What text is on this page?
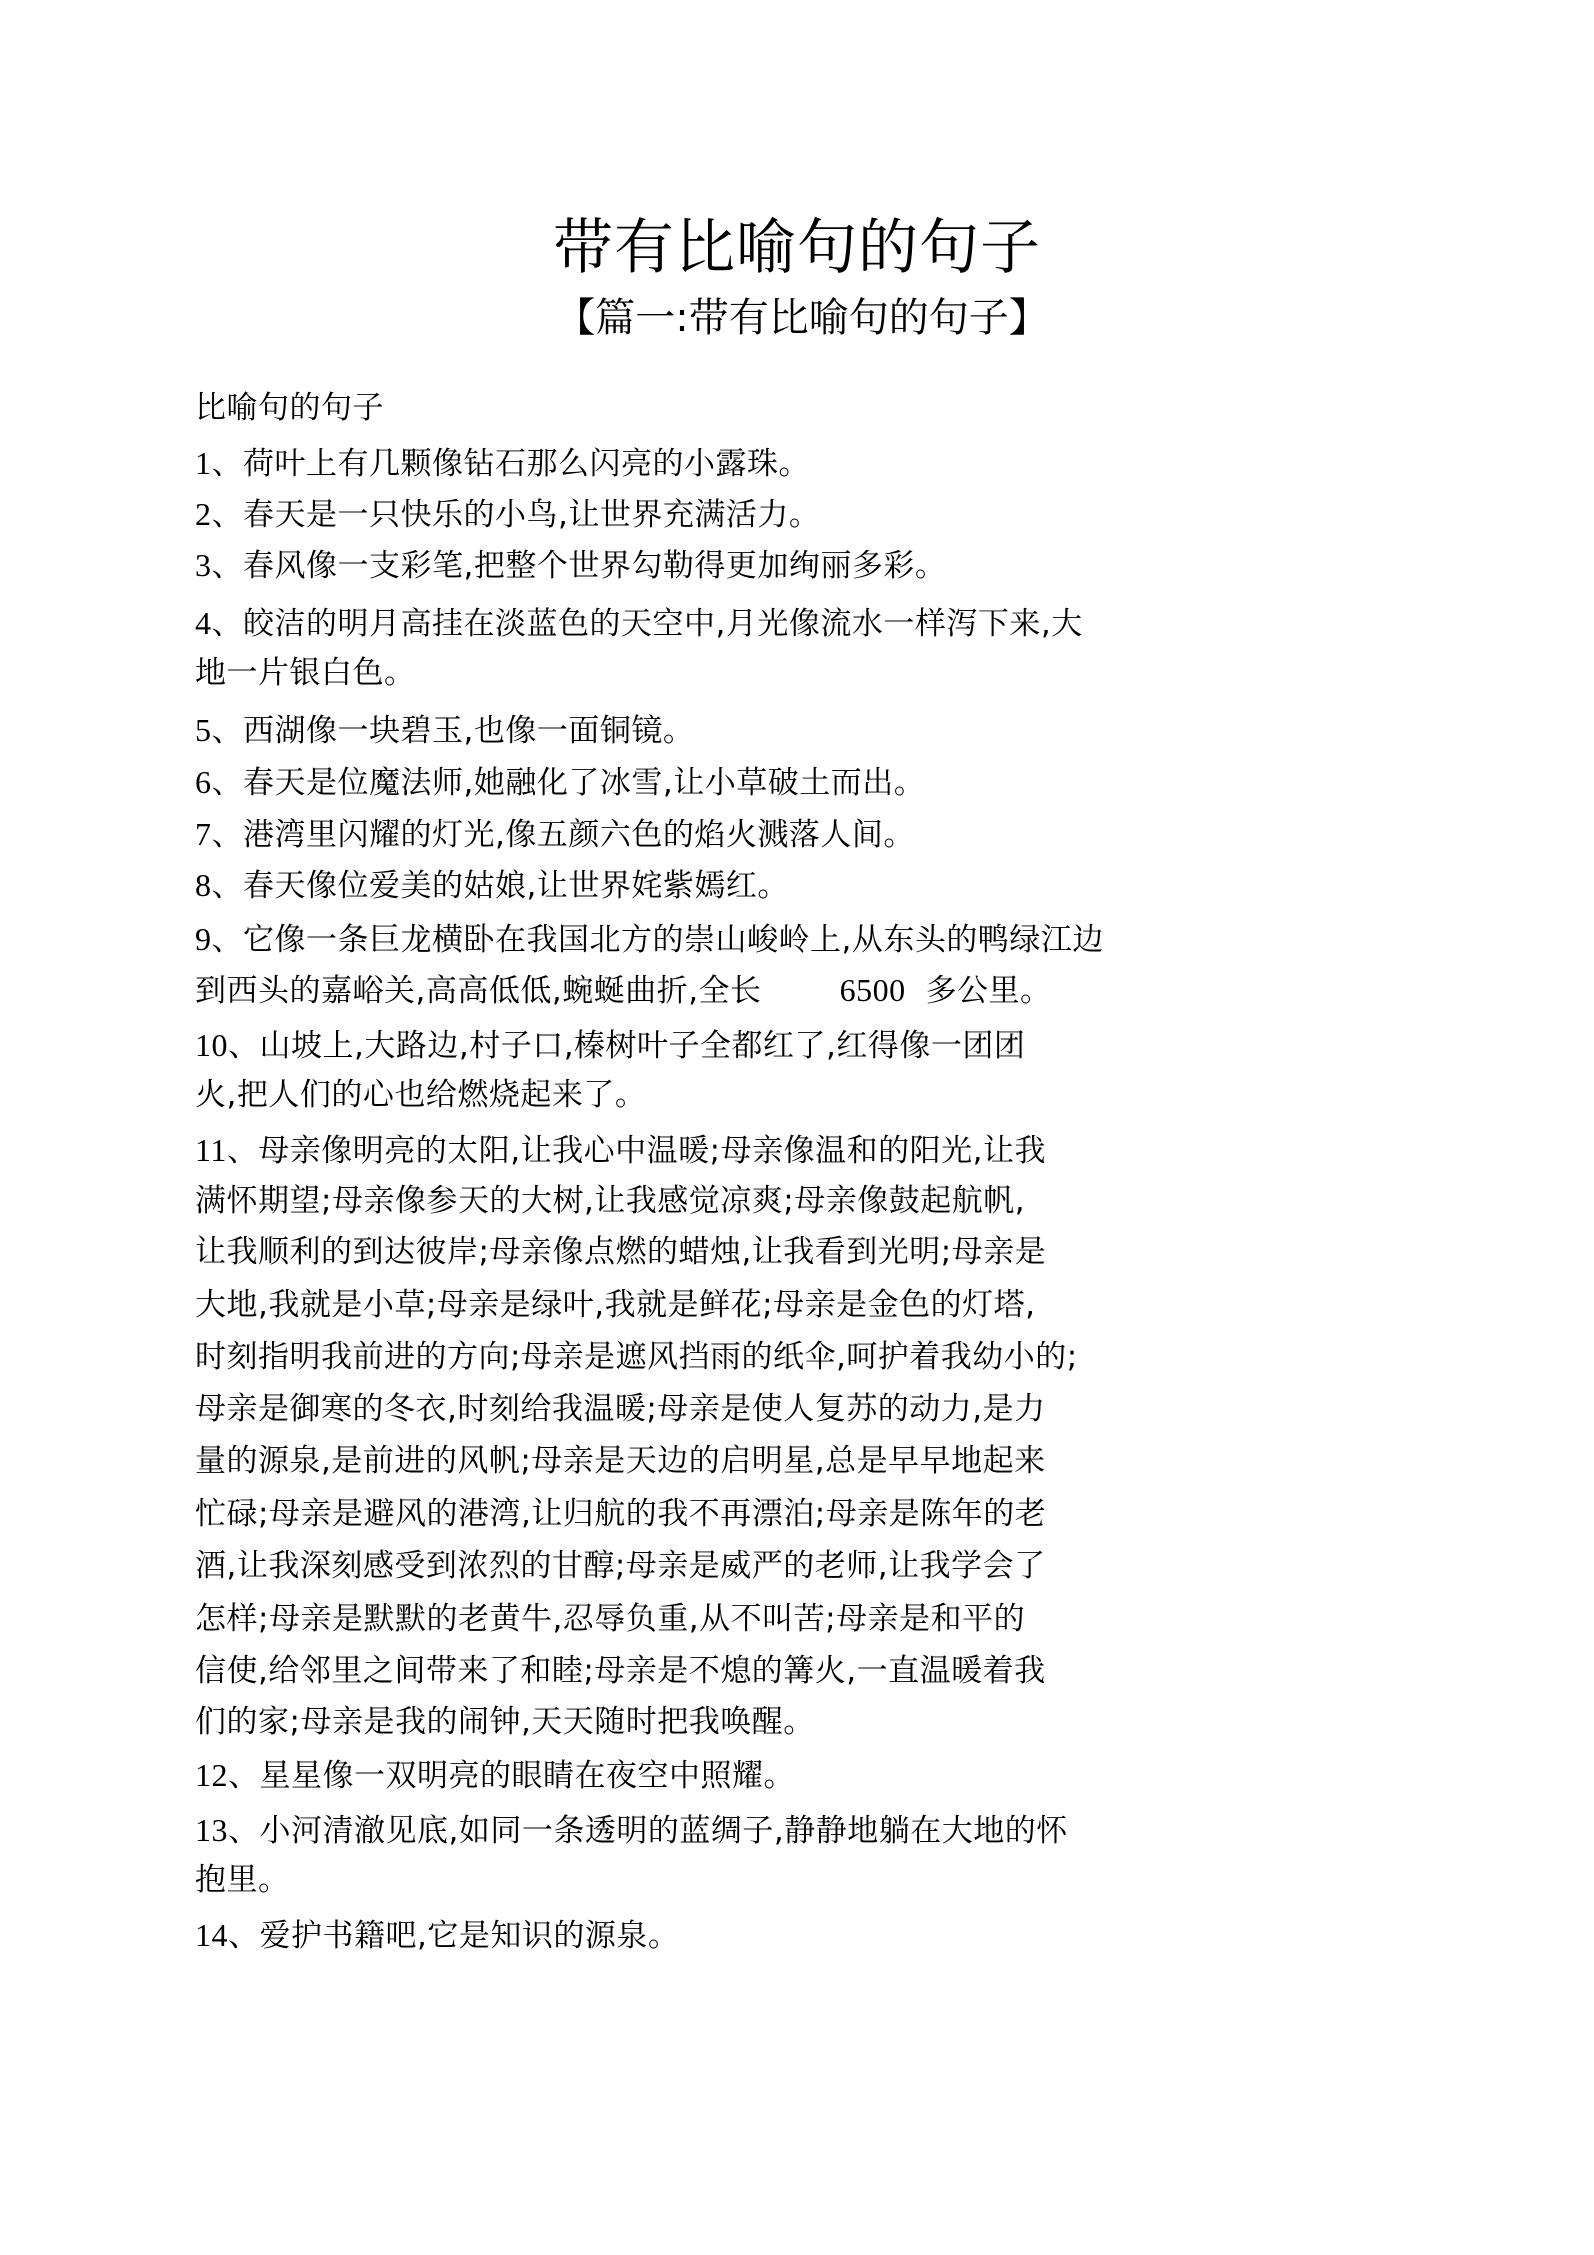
带有比喻句的句子
【篇一:带有比喻句的句子】
比喻句的句子
1、荷叶上有几颗像钻石那么闪亮的小露珠。
2、春天是一只快乐的小鸟,让世界充满活力。
3、春风像一支彩笔,把整个世界勾勒得更加绚丽多彩。
4、皎洁的明月高挂在淡蓝色的天空中,月光像流水一样泻下来,大
地一片银白色。
5、西湖像一块碧玉,也像一面铜镜。
6、春天是位魔法师,她融化了冰雪,让小草破土而出。
7、港湾里闪耀的灯光,像五颜六色的焰火溅落人间。
8、春天像位爱美的姑娘,让世界姹紫嫣红。
9、它像一条巨龙横卧在我国北方的崇山峻岭上,从东头的鸭绿江边
到西头的嘉峪关,高高低低,蜿蜒曲折,全长 6500 多公里。
10、山坡上,大路边,村子口,榛树叶子全都红了,红得像一团团
火,把人们的心也给燃烧起来了。
11、母亲像明亮的太阳,让我心中温暖;母亲像温和的阳光,让我
满怀期望;母亲像参天的大树,让我感觉凉爽;母亲像鼓起航帆,
让我顺利的到达彼岸;母亲像点燃的蜡烛,让我看到光明;母亲是
大地,我就是小草;母亲是绿叶,我就是鲜花;母亲是金色的灯塔,
时刻指明我前进的方向;母亲是遮风挡雨的纸伞,呵护着我幼小的;
母亲是御寒的冬衣,时刻给我温暖;母亲是使人复苏的动力,是力
量的源泉,是前进的风帆;母亲是天边的启明星,总是早早地起来
忙碌;母亲是避风的港湾,让归航的我不再漂泊;母亲是陈年的老
酒,让我深刻感受到浓烈的甘醇;母亲是威严的老师,让我学会了
怎样;母亲是默默的老黄牛,忍辱负重,从不叫苦;母亲是和平的
信使,给邻里之间带来了和睦;母亲是不熄的篝火,一直温暖着我
们的家;母亲是我的闹钟,天天随时把我唤醒。
12、星星像一双明亮的眼睛在夜空中照耀。
13、小河清澈见底,如同一条透明的蓝绸子,静静地躺在大地的怀
抱里。
14、爱护书籍吧,它是知识的源泉。
